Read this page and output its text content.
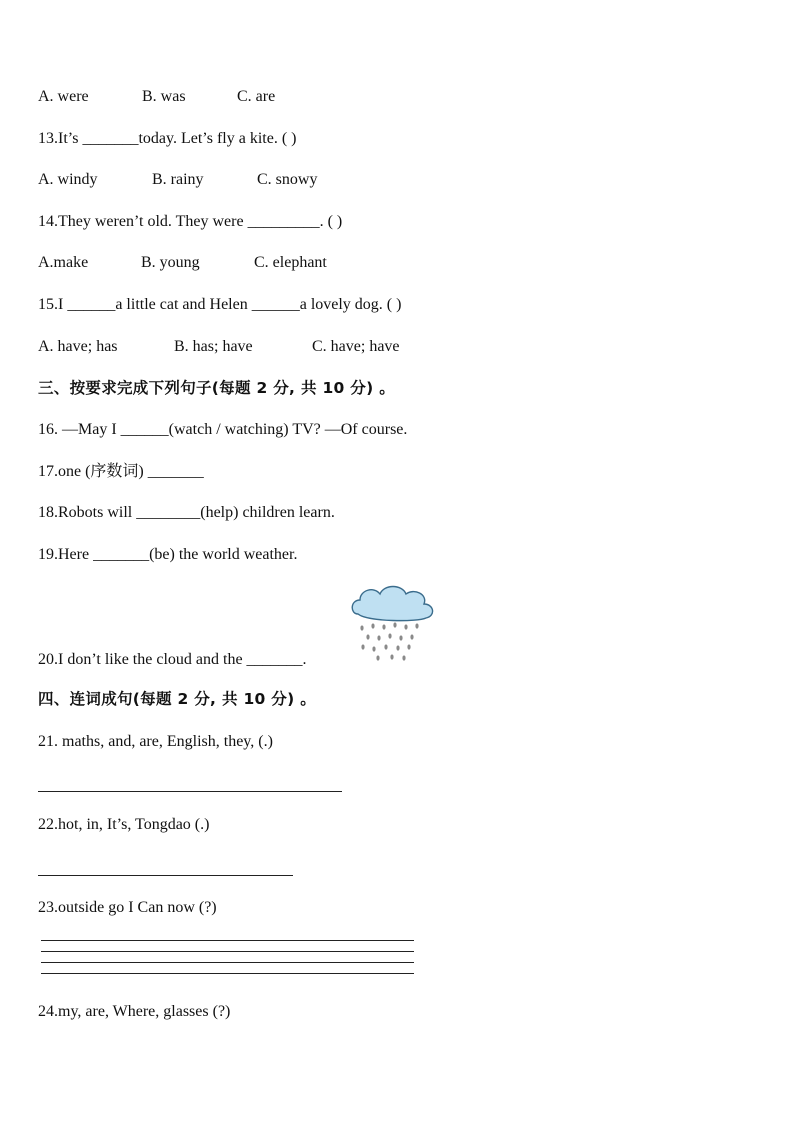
A. were	B. was	C. are
13.It’s _______today. Let’s fly a kite. ( )
A. windy	B. rainy	C. snowy
14.They weren’t old. They were _________. ( )
A.make	B. young	C. elephant
15.I ______a little cat and Helen ______a lovely dog. ( )
A. have; has	B. has; have	C. have; have
三、按要求完成下列句子(每题 2 分, 共 10 分) 。
16. —May I ______(watch / watching) TV? —Of course.
17.one (序数词) _______
18.Robots will ________(help) children learn.
19.Here _______(be) the world weather.
20.I don’t like the cloud and the _______.
四、连词成句(每题 2 分, 共 10 分) 。
21. maths, and, are, English, they, (.)
22.hot, in, It’s, Tongdao (.)
23.outside go I Can now (?)
24.my, are, Where, glasses (?)
